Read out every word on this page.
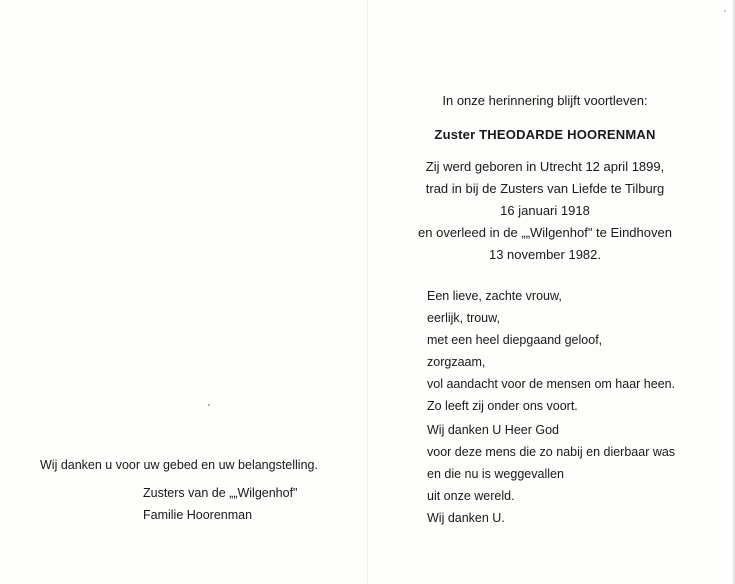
In onze herinnering blijft voortleven:
Zuster THEODARDE HOORENMAN
Zij werd geboren in Utrecht 12 april 1899,
trad in bij de Zusters van Liefde te Tilburg
16 januari 1918
en overleed in de „„Wilgenhof" te Eindhoven
13 november 1982.
Een lieve, zachte vrouw,
eerlijk, trouw,
met een heel diepgaand geloof,
zorgzaam,
vol aandacht voor de mensen om haar heen.
Zo leeft zij onder ons voort.
Wij danken U Heer God
voor deze mens die zo nabij en dierbaar was
en die nu is weggevallen
uit onze wereld.
Wij danken U.
Wij danken u voor uw gebed en uw belangstelling.
Zusters van de „„Wilgenhof"
Familie Hoorenman
